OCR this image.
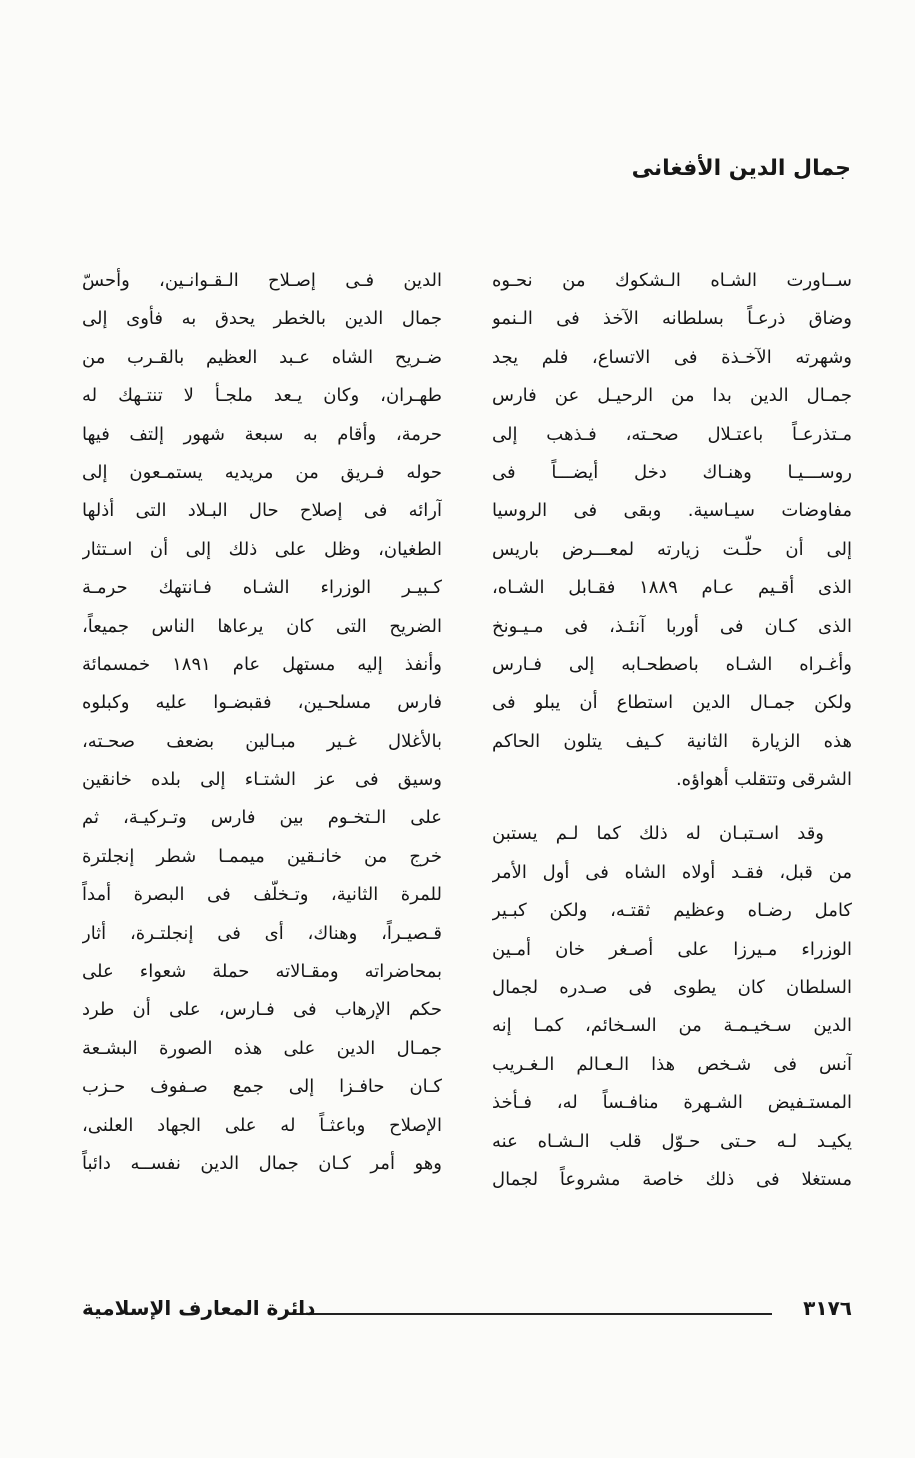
جمال الدين الأفغانى
ســاورت الشـاه الـشكوك من نحـوه
وضاق ذرعـاً بسلطانه الآخذ فى الـنمو
وشهرته الآخـذة فى الاتساع، فلم يجد
جمـال الدين بدا من الرحيـل عن فارس
مـتذرعـاً باعتـلال صحـته، فـذهب إلى
روســـيـا وهنـاك دخل أيضـــاً فى
مفاوضات سيـاسية. وبقى فى الروسيا
إلى أن حلّـت زيارته لمعـــرض باريس
الذى أقـيم عـام ١٨٨٩ فقـابل الشـاه،
الذى كـان فى أوربا آنئـذ، فى مـيـونخ
وأغـراه الشـاه باصطحـابه إلى فـارس
ولكن جمـال الدين استطاع أن يبلو فى
هذه الزيارة الثانية كـيف يتلون الحاكم
الشرقى وتتقلب أهواؤه.
وقد اسـتبـان له ذلك كما لـم يستبن
من قبل، فقـد أولاه الشاه فى أول الأمر
كامل رضـاه وعظيم ثقتـه، ولكن كبـير
الوزراء مـيرزا على أصـغر خان أمـين
السلطان كان يطوى فى صـدره لجمال
الدين سـخيـمـة من السـخائم، كمـا إنه
آنس فى شـخص هذا الـعـالم الـغـريب
المستـفيض الشـهرة منافـساً له، فـأخذ
يكيـد لـه حـتى حـوّل قلب الـشـاه عنه
مستغلا فى ذلك خاصة مشروعاً لجمال
الدين فـى إصـلاح الـقـوانـين، وأحسّ
جمال الدين بالخطر يحدق به فأوى إلى
ضـريح الشاه عـبد العظيم بالقـرب من
طهـران، وكان يـعد ملجـأ لا تنتـهك له
حرمة، وأقام به سبعة شهور إلتف فيها
حوله فـريق من مريديه يستمـعون إلى
آرائه فى إصلاح حال البـلاد التى أذلها
الطغيان، وظل على ذلك إلى أن اسـتثار
كـبيـر الوزراء الشـاه فـانتهك حرمـة
الضريح التى كان يرعاها الناس جميعاً،
وأنفذ إليه مستهل عام ١٨٩١ خمسمائة
فارس مسلحـين، فقبضـوا عليه وكبلوه
بالأغلال غـير مبـالين بضعف صحـته،
وسيق فى عز الشتـاء إلى بلده خانقين
على الـتخـوم بين فارس وتـركيـة، ثم
خرج من خانـقين ميممـا شطر إنجلترة
للمرة الثانية، وتـخلّف فى البصرة أمداً
قـصيـراً، وهناك، أى فى إنجلتـرة، أثار
بمحاضراته ومقـالاته حملة شعواء على
حكم الإرهاب فى فـارس، على أن طرد
جمـال الدين على هذه الصورة البشـعة
كـان حافـزا إلى جمع صـفوف حـزب
الإصلاح وباعثـاً له على الجهاد العلنى،
وهو أمر كـان جمال الدين نفســه دائباً
٣١٧٦
دائرة المعارف الإسلامية
